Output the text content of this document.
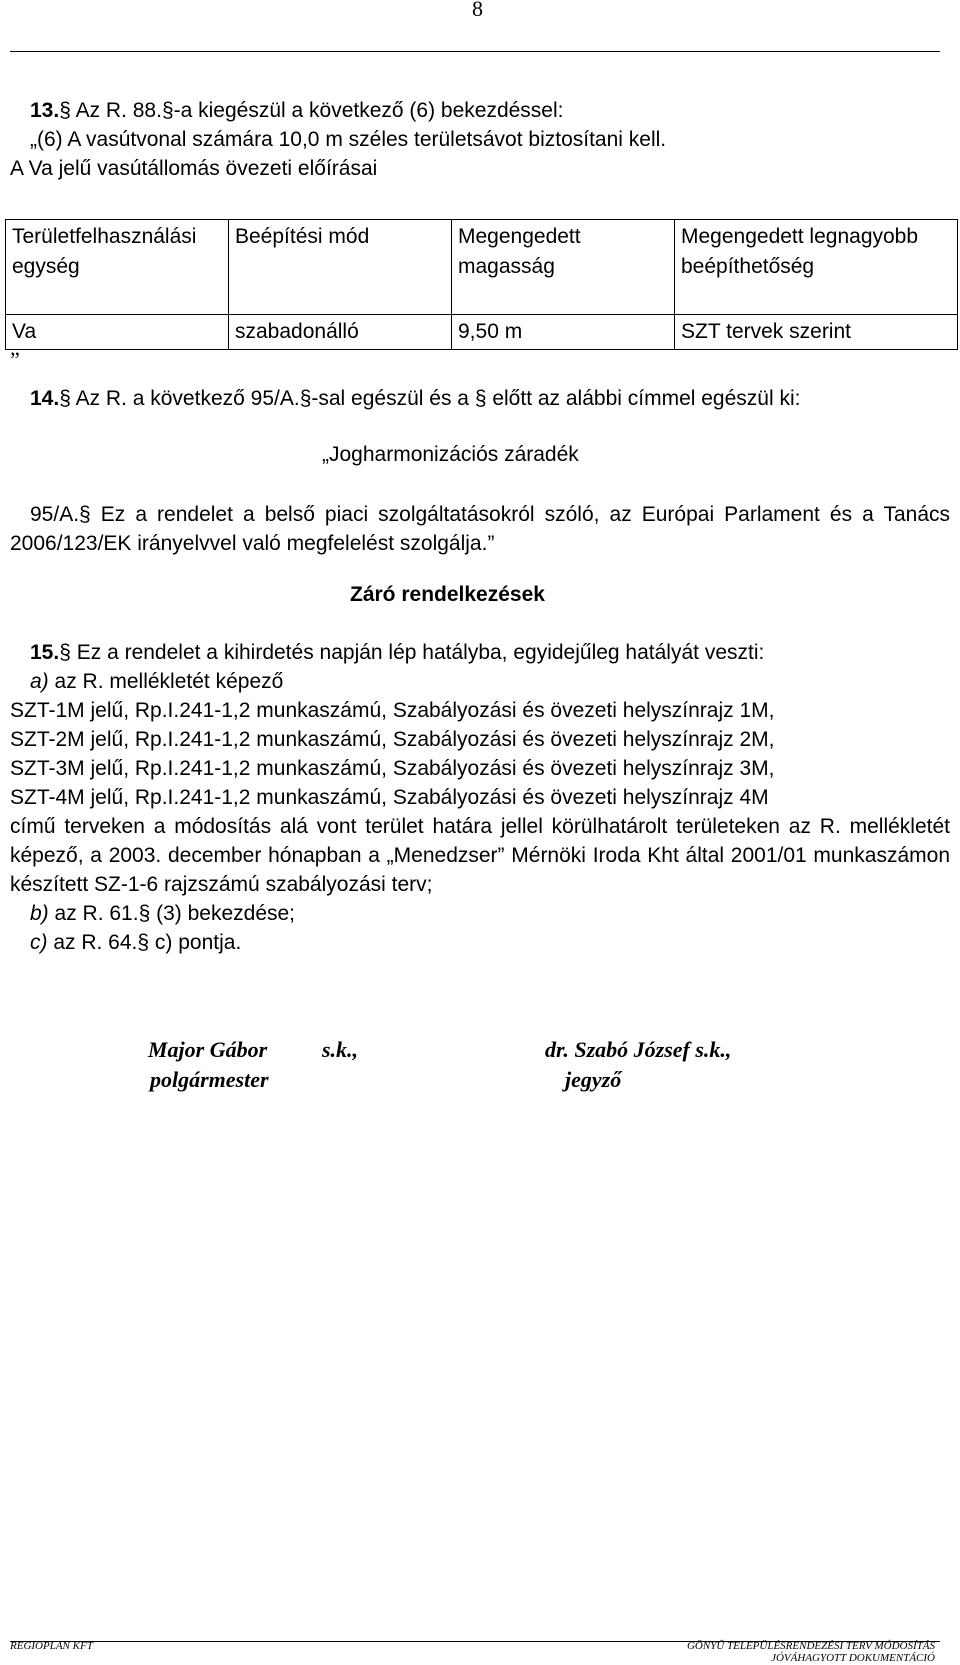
8
13.§ Az R. 88.§-a kiegészül a következő (6) bekezdéssel:
„(6) A vasútvonal számára 10,0 m széles területsávot biztosítani kell.
A Va jelű vasútállomás övezeti előírásai
Területfelhasználási egység	Beépítési mód	Megengedett magasság	Megengedett legnagyobb beépíthetőség
Va	szabadonálló	9,50 m	SZT tervek szerint
”
14.§ Az R. a következő 95/A.§-sal egészül és a § előtt az alábbi címmel egészül ki:
„Jogharmonizációs záradék
95/A.§ Ez a rendelet a belső piaci szolgáltatásokról szóló, az Európai Parlament és a Tanács 2006/123/EK irányelvvel való megfelelést szolgálja.”
Záró rendelkezések
15.§ Ez a rendelet a kihirdetés napján lép hatályba, egyidejűleg hatályát veszti:
a) az R. mellékletét képező
SZT-1M jelű, Rp.I.241-1,2 munkaszámú, Szabályozási és övezeti helyszínrajz 1M,
SZT-2M jelű, Rp.I.241-1,2 munkaszámú, Szabályozási és övezeti helyszínrajz 2M,
SZT-3M jelű, Rp.I.241-1,2 munkaszámú, Szabályozási és övezeti helyszínrajz 3M,
SZT-4M jelű, Rp.I.241-1,2 munkaszámú, Szabályozási és övezeti helyszínrajz 4M
című terveken a módosítás alá vont terület határa jellel körülhatárolt területeken az R. mellékletét képező, a 2003. december hónapban a „Menedzser” Mérnöki Iroda Kht által 2001/01 munkaszámon készített SZ-1-6 rajzszámú szabályozási terv;
b) az R. 61.§ (3) bekezdése;
c) az R. 64.§ c) pontja.
Major Gábor s.k.,
polgármester
dr. Szabó József s.k.,
jegyző
REGIOPLAN KFT	GÖNYŰ TELEPÜLÉSRENDEZÉSI TERV MÓDOSÍTÁS
JÓVÁHAGYOTT DOKUMENTÁCIÓ
